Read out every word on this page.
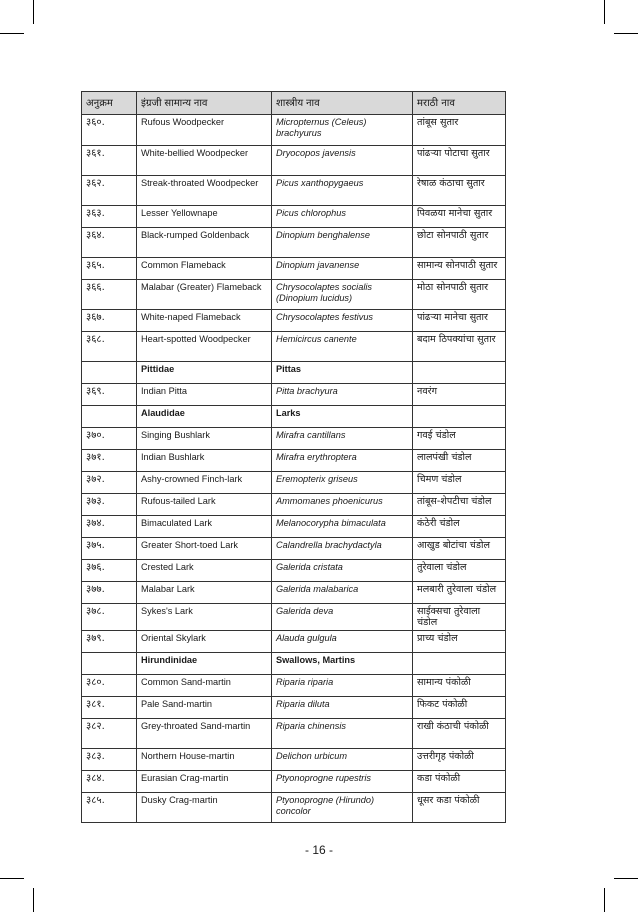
अनुक्रम	इंग्रजी सामान्य नाव	शास्त्रीय नाव	मराठी नाव
३६०.	Rufous Woodpecker	Micropternus (Celeus) brachyurus	तांबूस सुतार
३६१.	White-bellied Woodpecker	Dryocopos javensis	पांढऱ्या पोटाचा सुतार
३६२.	Streak-throated Woodpecker	Picus xanthopygaeus	रेषाळ कंठाचा सुतार
३६३.	Lesser Yellownape	Picus chlorophus	पिवळया मानेचा सुतार
३६४.	Black-rumped Goldenback	Dinopium benghalense	छोटा सोनपाठी सुतार
३६५.	Common Flameback	Dinopium javanense	सामान्य सोनपाठी सुतार
३६६.	Malabar (Greater) Flameback	Chrysocolaptes socialis (Dinopium lucidus)	मोठा सोनपाठी सुतार
३६७.	White-naped Flameback	Chrysocolaptes festivus	पांढऱ्या मानेचा सुतार
३६८.	Heart-spotted Woodpecker	Hemicircus canente	बदाम ठिपक्यांचा सुतार
	Pittidae	Pittas	
३६९.	Indian Pitta	Pitta brachyura	नवरंग
	Alaudidae	Larks	
३७०.	Singing Bushlark	Mirafra cantillans	गवई चंडोल
३७१.	Indian Bushlark	Mirafra erythroptera	लालपंखी चंडोल
३७२.	Ashy-crowned Finch-lark	Eremopterix griseus	चिमण चंडोल
३७३.	Rufous-tailed Lark	Ammomanes phoenicurus	तांबूस-शेपटीचा चंडोल
३७४.	Bimaculated Lark	Melanocorypha bimaculata	कंठेरी चंडोल
३७५.	Greater Short-toed Lark	Calandrella brachydactyla	आखुड बोटांचा चंडोल
३७६.	Crested Lark	Galerida cristata	तुरेवाला चंडोल
३७७.	Malabar Lark	Galerida malabarica	मलबारी तुरेवाला चंडोल
३७८.	Sykes's Lark	Galerida deva	साईक्सचा तुरेवाला चंडोल
३७९.	Oriental Skylark	Alauda gulgula	प्राच्य चंडोल
	Hirundinidae	Swallows, Martins	
३८०.	Common Sand-martin	Riparia riparia	सामान्य पंकोळी
३८१.	Pale Sand-martin	Riparia diluta	फिकट पंकोळी
३८२.	Grey-throated Sand-martin	Riparia chinensis	राखी कंठाची पंकोळी
३८३.	Northern House-martin	Delichon urbicum	उत्तरीगृह पंकोळी
३८४.	Eurasian Crag-martin	Ptyonoprogne rupestris	कडा पंकोळी
३८५.	Dusky Crag-martin	Ptyonoprogne (Hirundo) concolor	धूसर कडा पंकोळी
- 16 -
